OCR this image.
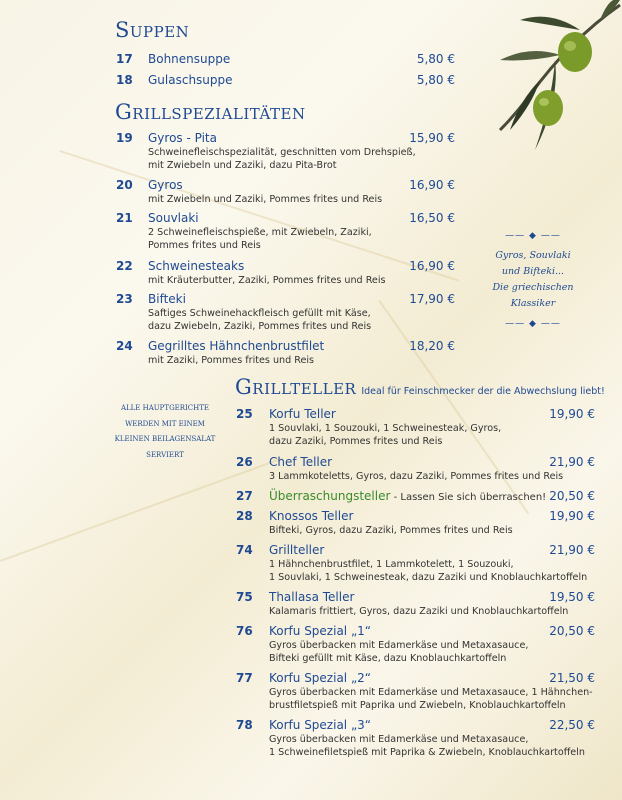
Suppen
17 Bohnensuppe	5,80 €
18 Gulaschsuppe	5,80 €
Grillspezialitäten
19 Gyros - Pita	15,90 €
Schweinefleischspezialität, geschnitten vom Drehspieß,
mit Zwiebeln und Zaziki, dazu Pita-Brot
20 Gyros	16,90 €
mit Zwiebeln und Zaziki, Pommes frites und Reis
21 Souvlaki	16,50 €
2 Schweinefleischspieße, mit Zwiebeln, Zaziki,
Pommes frites und Reis
22 Schweinesteaks	16,90 €
mit Kräuterbutter, Zaziki, Pommes frites und Reis
23 Bifteki	17,90 €
Saftiges Schweinehackfleisch gefüllt mit Käse,
dazu Zwiebeln, Zaziki, Pommes frites und Reis
24 Gegrilltes Hähnchenbrustfilet	18,20 €
mit Zaziki, Pommes frites und Reis
Grillteller Ideal für Feinschmecker der die Abwechslung liebt!
25 Korfu Teller	19,90 €
1 Souvlaki, 1 Souzouki, 1 Schweinesteak, Gyros,
dazu Zaziki, Pommes frites und Reis
26 Chef Teller	21,90 €
3 Lammkoteletts, Gyros, dazu Zaziki, Pommes frites und Reis
27 Überraschungsteller - Lassen Sie sich überraschen! 20,50 €
28 Knossos Teller	19,90 €
Bifteki, Gyros, dazu Zaziki, Pommes frites und Reis
74 Grillteller	21,90 €
1 Hähnchenbrustfilet, 1 Lammkotelett, 1 Souzouki,
1 Souvlaki, 1 Schweinesteak, dazu Zaziki und Knoblauchkartoffeln
75 Thallasa Teller	19,50 €
Kalamaris frittiert, Gyros, dazu Zaziki und Knoblauchkartoffeln
76 Korfu Spezial „1“	20,50 €
Gyros überbacken mit Edamerkäse und Metaxasauce,
Bifteki gefüllt mit Käse, dazu Knoblauchkartoffeln
77 Korfu Spezial „2“	21,50 €
Gyros überbacken mit Edamerkäse und Metaxasauce, 1 Hähnchen-
brustfiletspieß mit Paprika und Zwiebeln, Knoblauchkartoffeln
78 Korfu Spezial „3“	22,50 €
Gyros überbacken mit Edamerkäse und Metaxasauce,
1 Schweinefiletspieß mit Paprika & Zwiebeln, Knoblauchkartoffeln
—— ◆ ——
Gyros, Souvlaki
und Bifteki...
Die griechischen
Klassiker
—— ◆ ——
ALLE HAUPTGERICHTE
WERDEN MIT EINEM
KLEINEN BEILAGENSALAT
SERVIERT
